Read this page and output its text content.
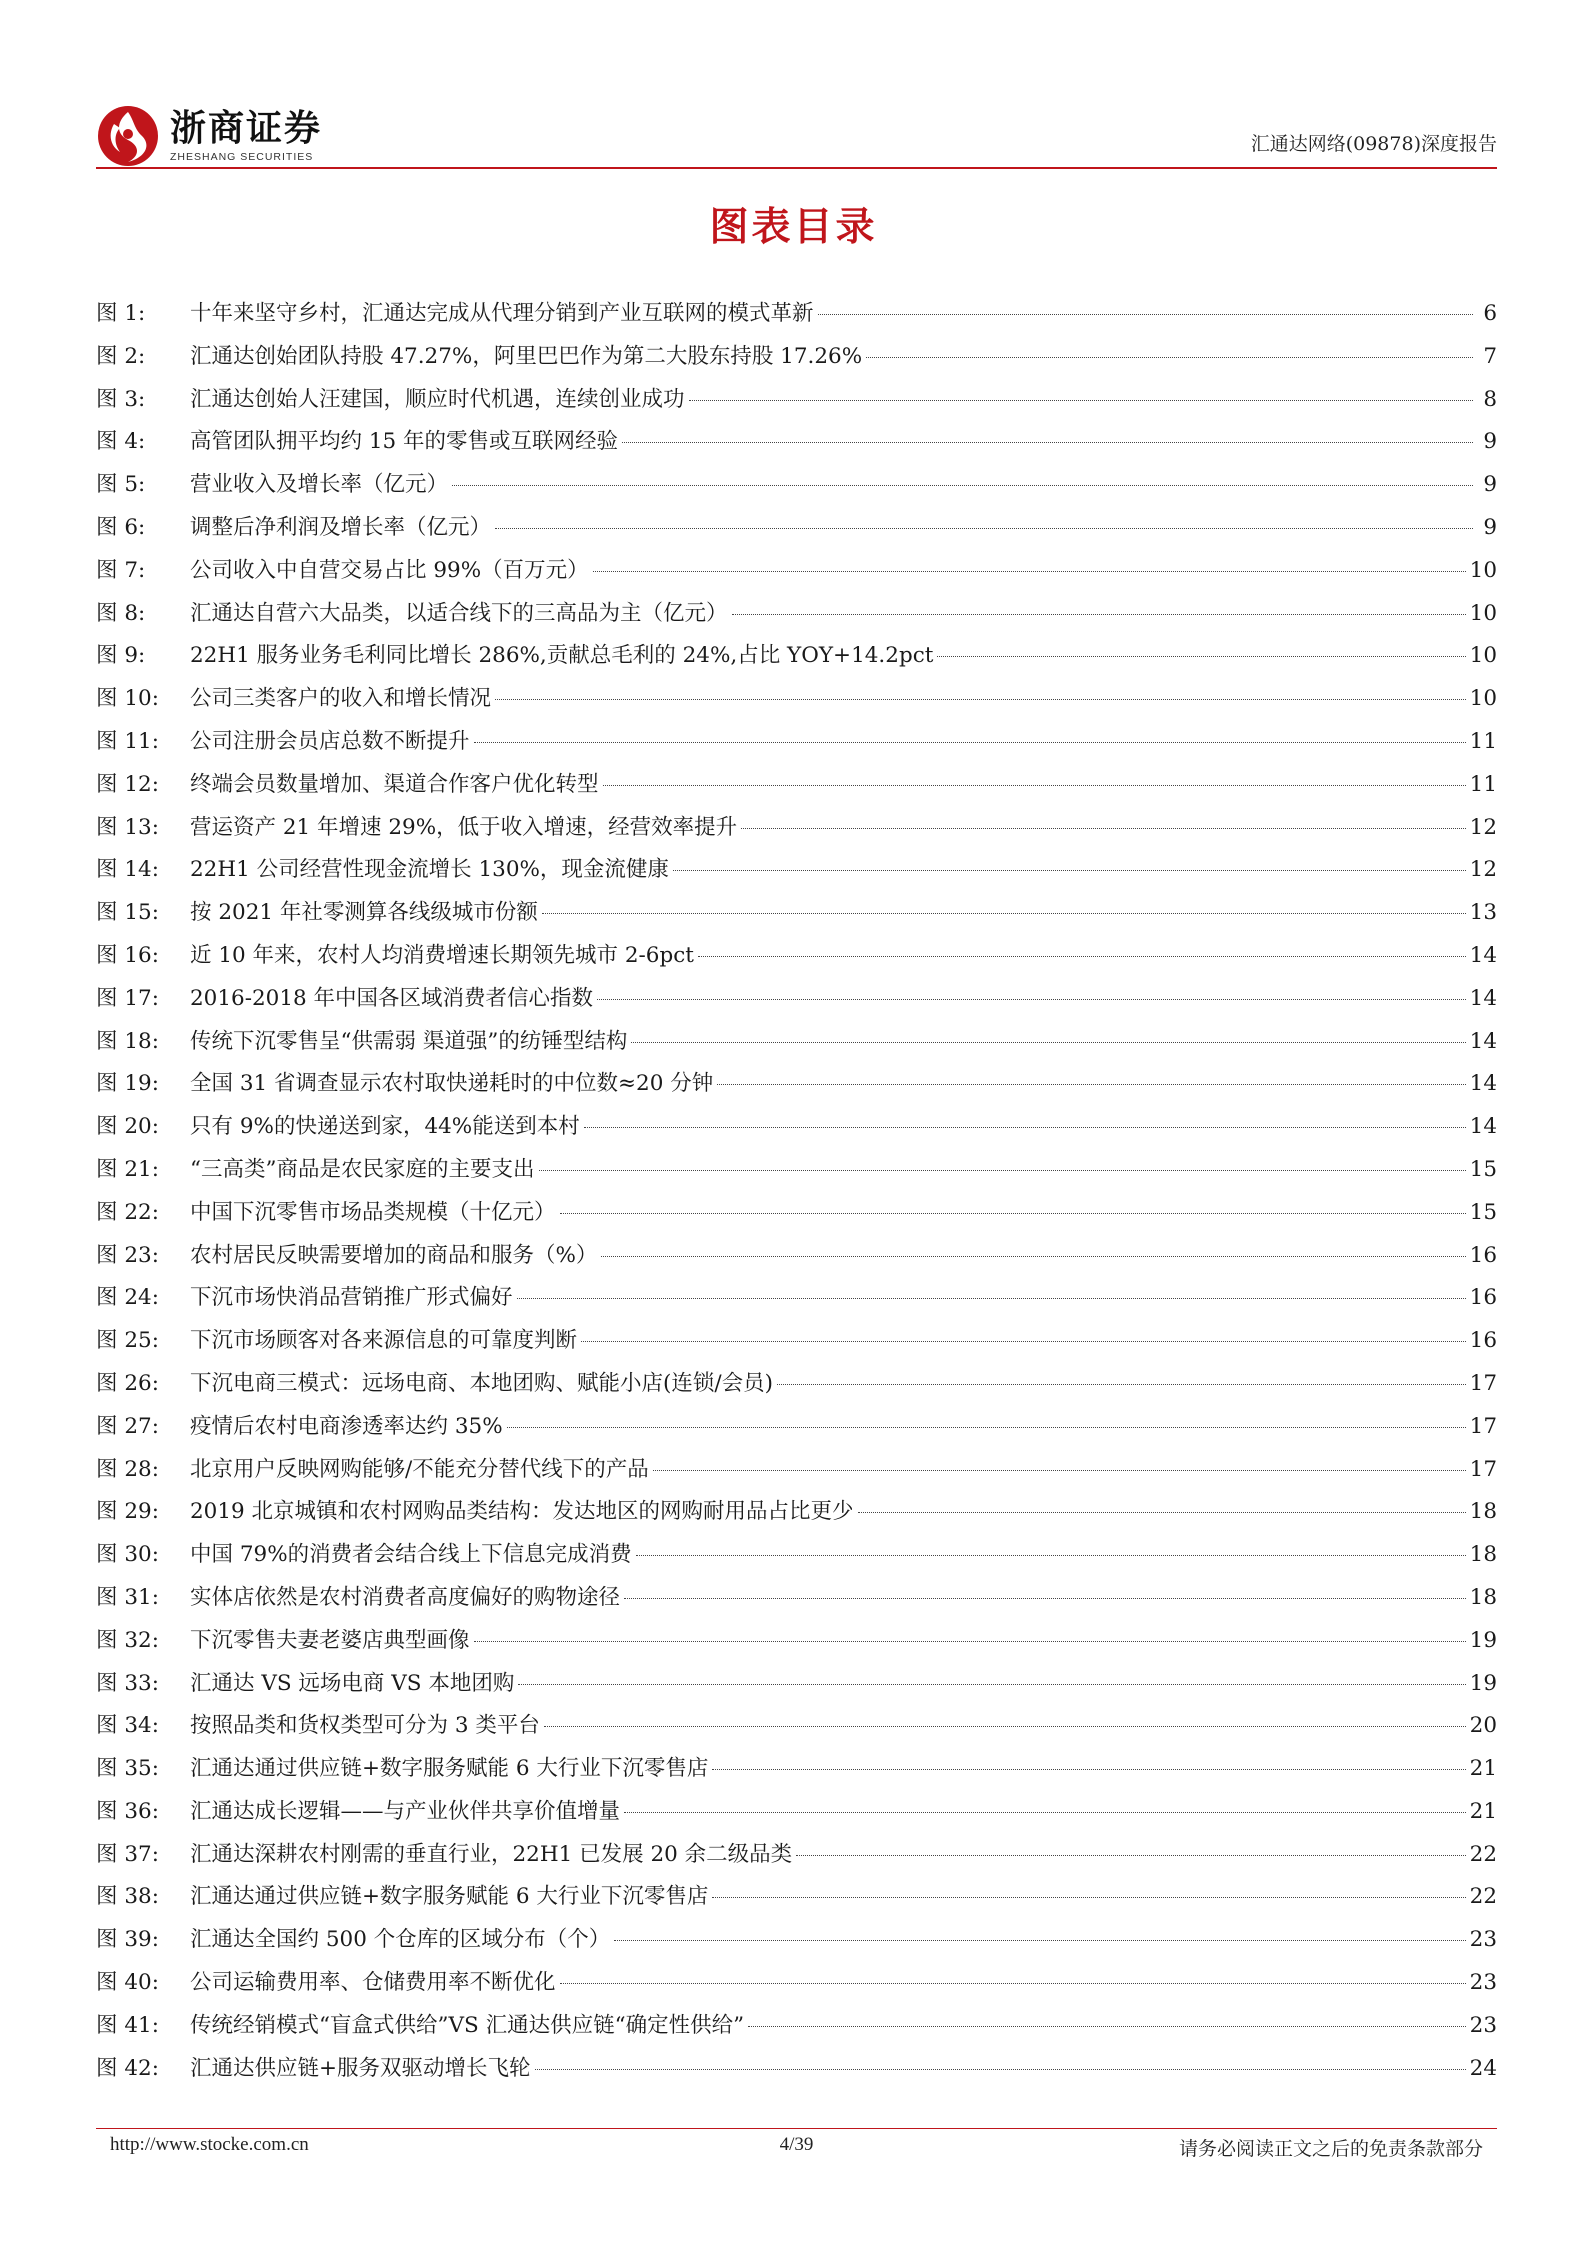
浙商证券
ZHESHANG SECURITIES
汇通达网络(09878)深度报告
图表目录
图 1:	十年来坚守乡村，汇通达完成从代理分销到产业互联网的模式革新	6
图 2:	汇通达创始团队持股 47.27%，阿里巴巴作为第二大股东持股 17.26%	7
图 3:	汇通达创始人汪建国，顺应时代机遇，连续创业成功	8
图 4:	高管团队拥平均约 15 年的零售或互联网经验	9
图 5:	营业收入及增长率（亿元）	9
图 6:	调整后净利润及增长率（亿元）	9
图 7:	公司收入中自营交易占比 99%（百万元）	10
图 8:	汇通达自营六大品类，以适合线下的三高品为主（亿元）	10
图 9:	22H1 服务业务毛利同比增长 286%,贡献总毛利的 24%,占比 YOY+14.2pct	10
图 10:	公司三类客户的收入和增长情况	10
图 11:	公司注册会员店总数不断提升	11
图 12:	终端会员数量增加、渠道合作客户优化转型	11
图 13:	营运资产 21 年增速 29%，低于收入增速，经营效率提升	12
图 14:	22H1 公司经营性现金流增长 130%，现金流健康	12
图 15:	按 2021 年社零测算各线级城市份额	13
图 16:	近 10 年来，农村人均消费增速长期领先城市 2-6pct	14
图 17:	2016-2018 年中国各区域消费者信心指数	14
图 18:	传统下沉零售呈“供需弱 渠道强”的纺锤型结构	14
图 19:	全国 31 省调查显示农村取快递耗时的中位数≈20 分钟	14
图 20:	只有 9%的快递送到家，44%能送到本村	14
图 21:	“三高类”商品是农民家庭的主要支出	15
图 22:	中国下沉零售市场品类规模（十亿元）	15
图 23:	农村居民反映需要增加的商品和服务（%）	16
图 24:	下沉市场快消品营销推广形式偏好	16
图 25:	下沉市场顾客对各来源信息的可靠度判断	16
图 26:	下沉电商三模式：远场电商、本地团购、赋能小店(连锁/会员)	17
图 27:	疫情后农村电商渗透率达约 35%	17
图 28:	北京用户反映网购能够/不能充分替代线下的产品	17
图 29:	2019 北京城镇和农村网购品类结构：发达地区的网购耐用品占比更少	18
图 30:	中国 79%的消费者会结合线上下信息完成消费	18
图 31:	实体店依然是农村消费者高度偏好的购物途径	18
图 32:	下沉零售夫妻老婆店典型画像	19
图 33:	汇通达 VS 远场电商 VS 本地团购	19
图 34:	按照品类和货权类型可分为 3 类平台	20
图 35:	汇通达通过供应链+数字服务赋能 6 大行业下沉零售店	21
图 36:	汇通达成长逻辑——与产业伙伴共享价值增量	21
图 37:	汇通达深耕农村刚需的垂直行业，22H1 已发展 20 余二级品类	22
图 38:	汇通达通过供应链+数字服务赋能 6 大行业下沉零售店	22
图 39:	汇通达全国约 500 个仓库的区域分布（个）	23
图 40:	公司运输费用率、仓储费用率不断优化	23
图 41:	传统经销模式“盲盒式供给”VS 汇通达供应链“确定性供给”	23
图 42:	汇通达供应链+服务双驱动增长飞轮	24
http://www.stocke.com.cn	4/39	请务必阅读正文之后的免责条款部分
